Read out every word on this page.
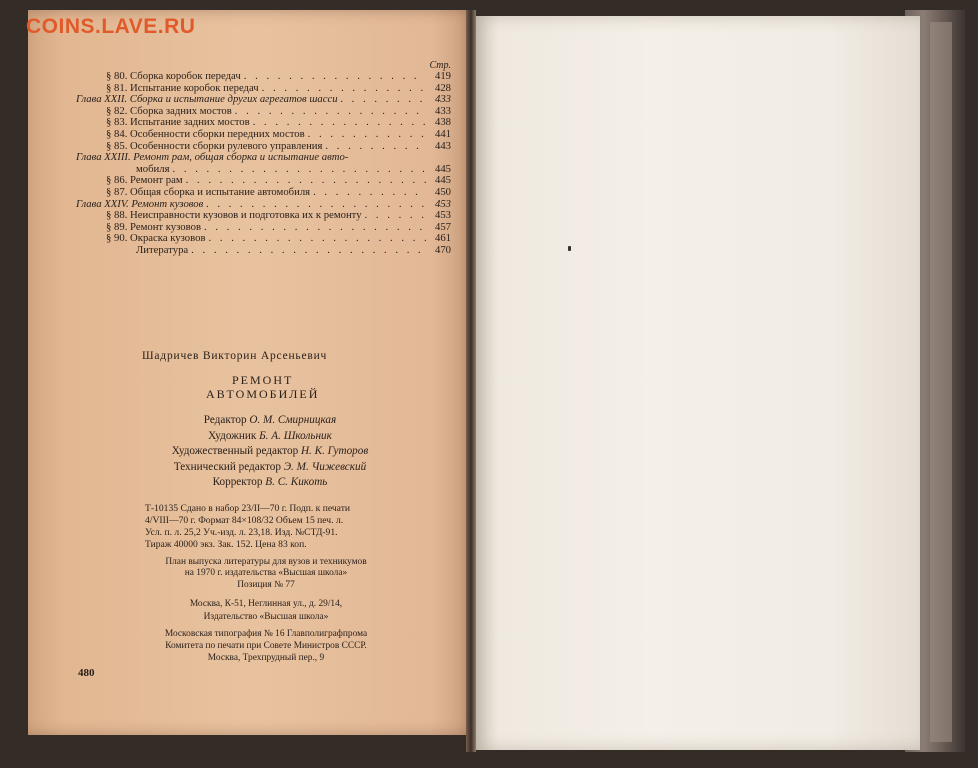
COINS.LAVE.RU
Стр.
§ 80. Сборка коробок передач . . .	419
§ 81. Испытание коробок передач . . .	428
Глава XXII. Сборка и испытание других агрегатов шасси . . .	433
§ 82. Сборка задних мостов . . .	433
§ 83. Испытание задних мостов . . .	438
§ 84. Особенности сборки передних мостов . . .	441
§ 85. Особенности сборки рулевого управления . . .	443
Глава XXIII. Ремонт рам, общая сборка и испытание авто-
мобиля . . .	445
§ 86. Ремонт рам . . .	445
§ 87. Общая сборка и испытание автомобиля . . .	450
Глава XXIV. Ремонт кузовов . . .	453
§ 88. Неисправности кузовов и подготовка их к ремонту . . .	453
§ 89. Ремонт кузовов . . .	457
§ 90. Окраска кузовов . . .	461
Литература . . .	470
Шадричев Викторин Арсеньевич
РЕМОНТ
АВТОМОБИЛЕЙ
Редактор О. М. Смирницкая
Художник Б. А. Школьник
Художественный редактор Н. К. Гуторов
Технический редактор Э. М. Чижевский
Корректор В. С. Кикоть
Т-10135 Сдано в набор 23/II—70 г. Подп. к печати
4/VIII—70 г. Формат 84×108/32 Объем 15 печ. л.
Усл. п. л. 25,2 Уч.-изд. л. 23,18. Изд. №СТД-91.
Тираж 40000 экз. Зак. 152. Цена 83 коп.
План выпуска литературы для вузов и техникумов
на 1970 г. издательства «Высшая школа»
Позиция № 77
Москва, К-51, Неглинная ул., д. 29/14,
Издательство «Высшая школа»
Московская типография № 16 Главполиграфпрома
Комитета по печати при Совете Министров СССР.
Москва, Трехпрудный пер., 9
480
